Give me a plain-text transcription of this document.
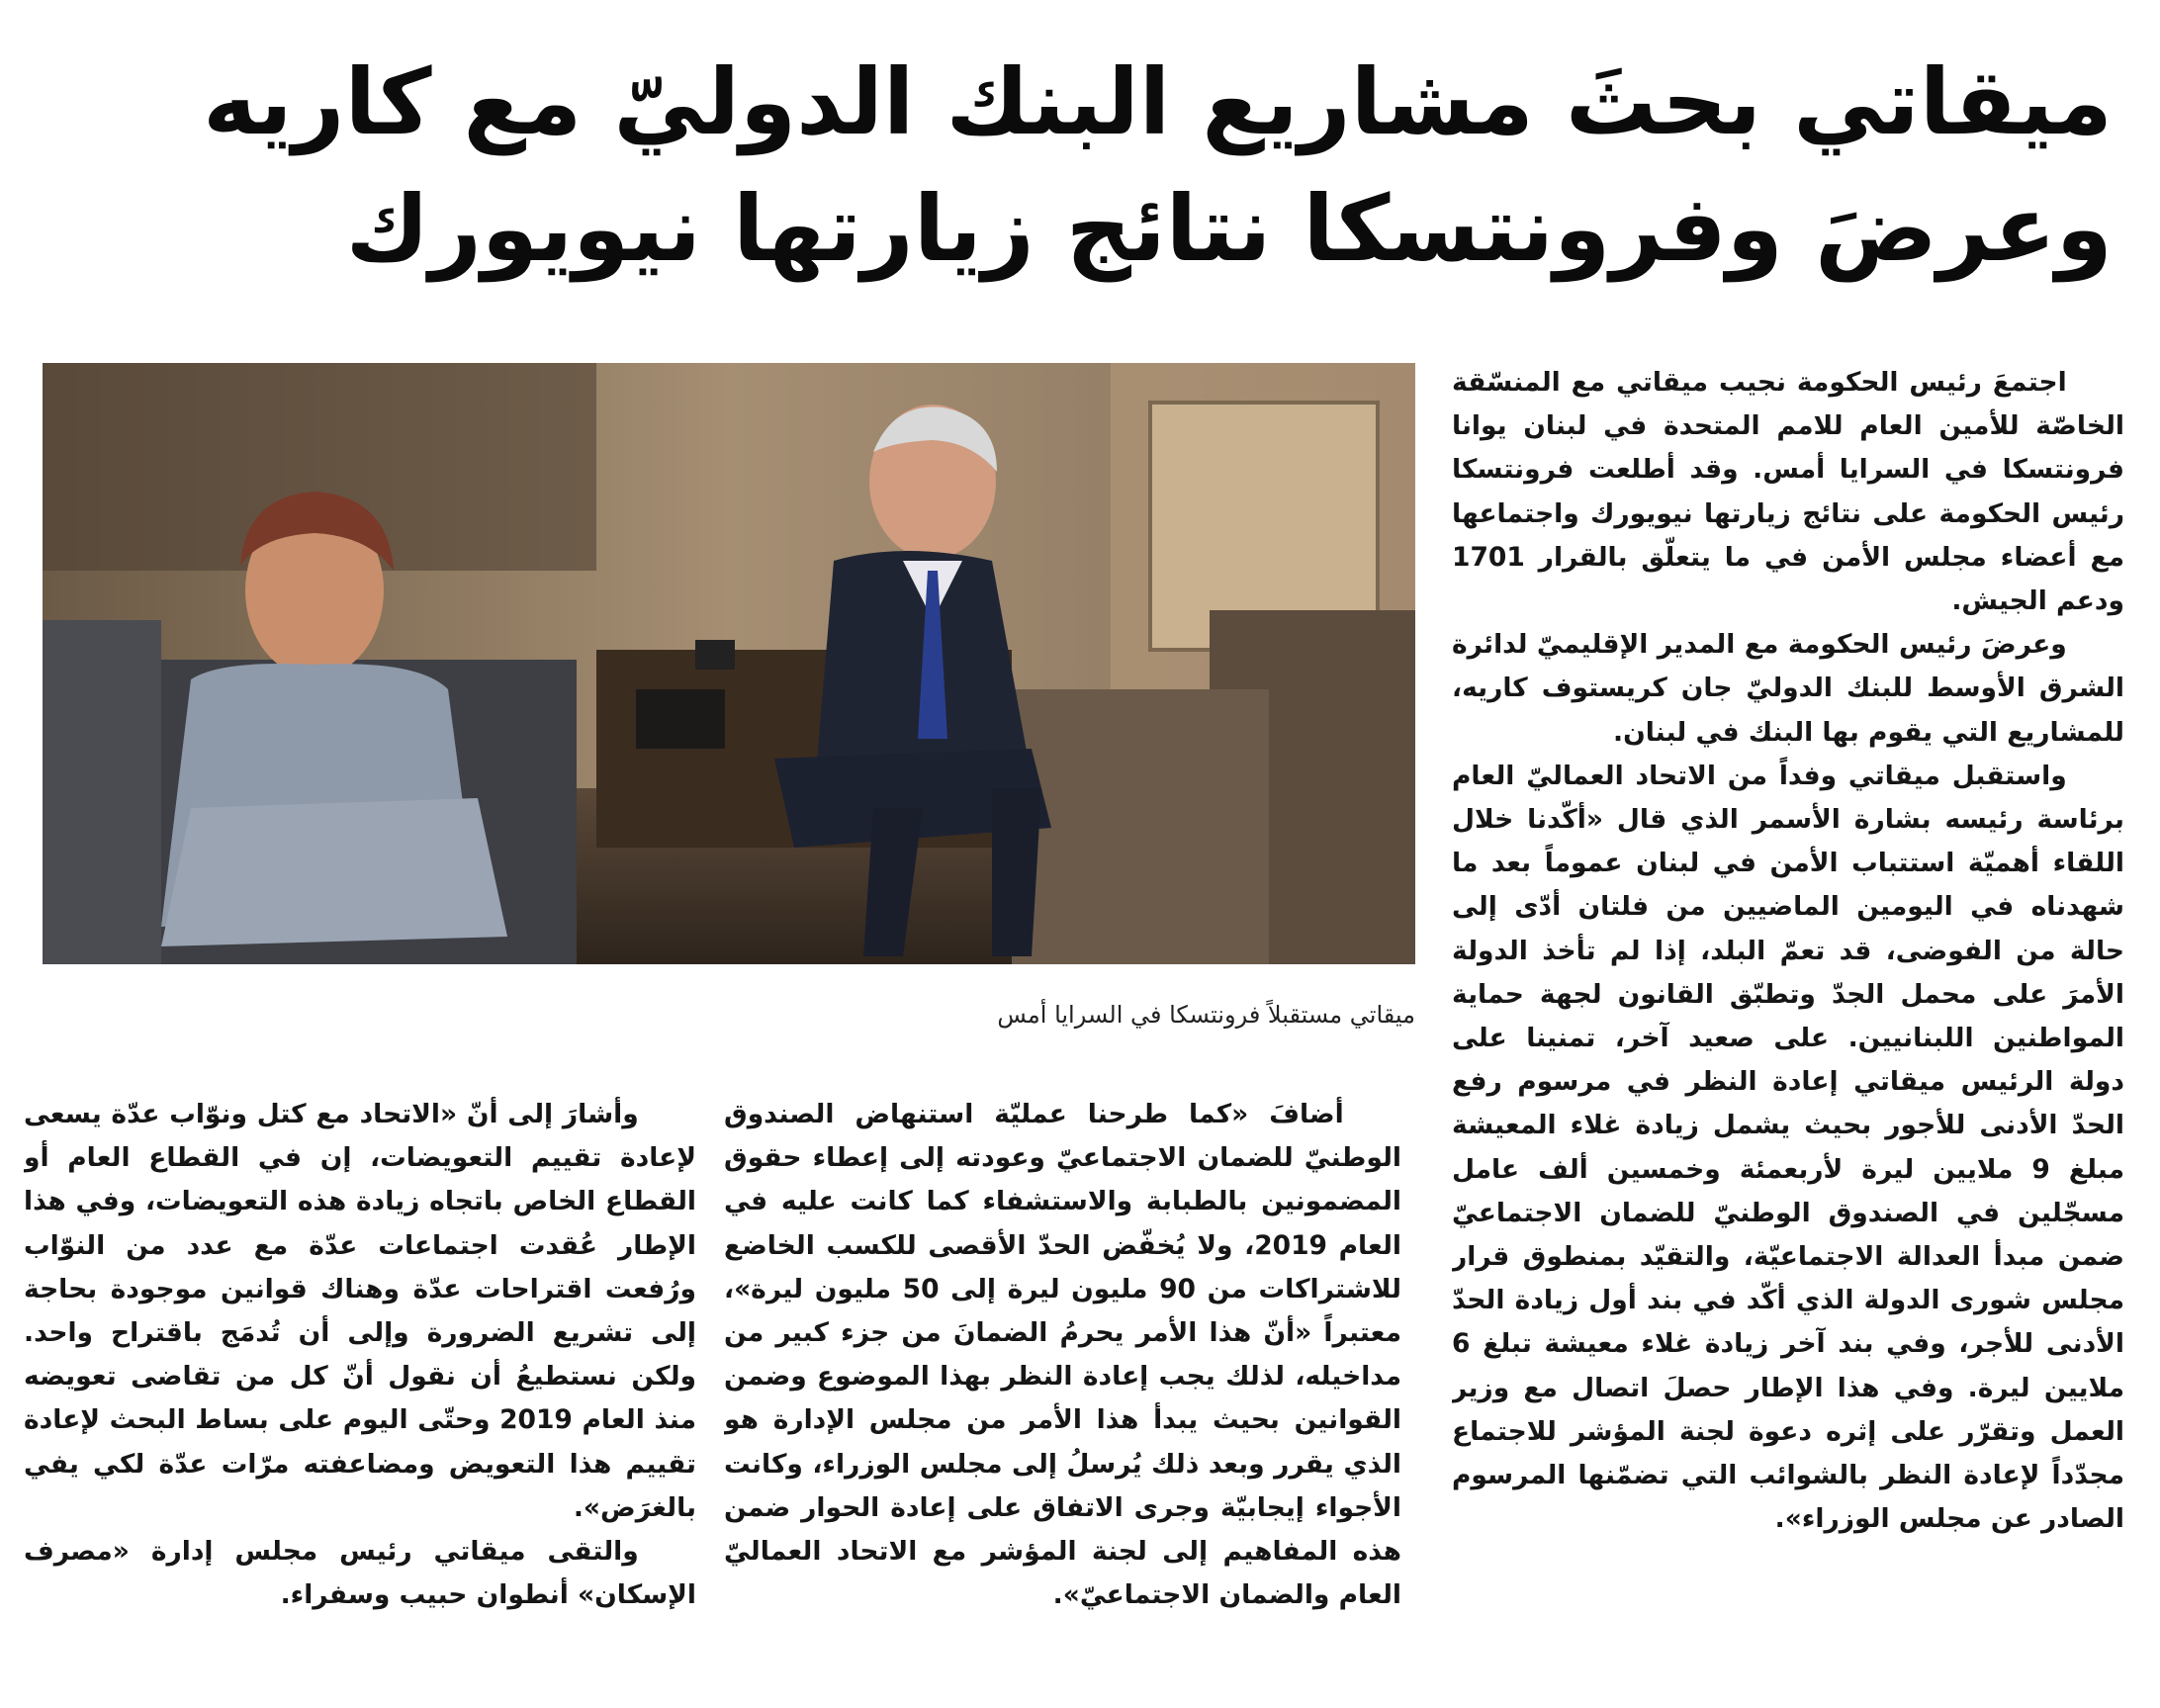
ميقاتي بحثَ مشاريع البنك الدوليّ مع كاريه
وعرضَ وفرونتسكا نتائج زيارتها نيويورك

اجتمعَ رئيس الحكومة نجيب ميقاتي مع المنسّقة الخاصّة للأمين العام للامم المتحدة في لبنان يوانا فرونتسكا في السرايا أمس. وقد أطلعت فرونتسكا رئيس الحكومة على نتائج زيارتها نيويورك واجتماعها مع أعضاء مجلس الأمن في ما يتعلّق بالقرار 1701 ودعم الجيش.

وعرضَ رئيس الحكومة مع المدير الإقليميّ لدائرة الشرق الأوسط للبنك الدوليّ جان كريستوف كاريه، للمشاريع التي يقوم بها البنك في لبنان.

واستقبل ميقاتي وفداً من الاتحاد العماليّ العام برئاسة رئيسه بشارة الأسمر الذي قال «أكّدنا خلال اللقاء أهميّة استتباب الأمن في لبنان عموماً بعد ما شهدناه في اليومين الماضيين من فلتان أدّى إلى حالة من الفوضى، قد تعمّ البلد، إذا لم تأخذ الدولة الأمرَ على محمل الجدّ وتطبّق القانون لجهة حماية المواطنين اللبنانيين. على صعيد آخر، تمنينا على دولة الرئيس ميقاتي إعادة النظر في مرسوم رفع الحدّ الأدنى للأجور بحيث يشمل زيادة غلاء المعيشة مبلغ 9 ملايين ليرة لأربعمئة وخمسين ألف عامل مسجّلين في الصندوق الوطنيّ للضمان الاجتماعيّ ضمن مبدأ العدالة الاجتماعيّة، والتقيّد بمنطوق قرار مجلس شورى الدولة الذي أكّد في بند أول زيادة الحدّ الأدنى للأجر، وفي بند آخر زيادة غلاء معيشة تبلغ 6 ملايين ليرة. وفي هذا الإطار حصلَ اتصال مع وزير العمل وتقرّر على إثره دعوة لجنة المؤشر للاجتماع مجدّداً لإعادة النظر بالشوائب التي تضمّنها المرسوم الصادر عن مجلس الوزراء».

ميقاتي مستقبلاً فرونتسكا في السرايا أمس

أضافَ «كما طرحنا عمليّة استنهاض الصندوق الوطنيّ للضمان الاجتماعيّ وعودته إلى إعطاء حقوق المضمونين بالطبابة والاستشفاء كما كانت عليه في العام 2019، ولا يُخفّض الحدّ الأقصى للكسب الخاضع للاشتراكات من 90 مليون ليرة إلى 50 مليون ليرة»، معتبراً «أنّ هذا الأمر يحرمُ الضمانَ من جزء كبير من مداخيله، لذلك يجب إعادة النظر بهذا الموضوع وضمن القوانين بحيث يبدأ هذا الأمر من مجلس الإدارة هو الذي يقرر وبعد ذلك يُرسلُ إلى مجلس الوزراء، وكانت الأجواء إيجابيّة وجرى الاتفاق على إعادة الحوار ضمن هذه المفاهيم إلى لجنة المؤشر مع الاتحاد العماليّ العام والضمان الاجتماعيّ».

وأشارَ إلى أنّ «الاتحاد مع كتل ونوّاب عدّة يسعى لإعادة تقييم التعويضات، إن في القطاع العام أو القطاع الخاص باتجاه زيادة هذه التعويضات، وفي هذا الإطار عُقدت اجتماعات عدّة مع عدد من النوّاب ورُفعت اقتراحات عدّة وهناك قوانين موجودة بحاجة إلى تشريع الضرورة وإلى أن تُدمَج باقتراح واحد. ولكن نستطيعُ أن نقول أنّ كل من تقاضى تعويضه منذ العام 2019 وحتّى اليوم على بساط البحث لإعادة تقييم هذا التعويض ومضاعفته مرّات عدّة لكي يفي بالغرَض».

والتقى ميقاتي رئيس مجلس إدارة «مصرف الإسكان» أنطوان حبيب وسفراء.
